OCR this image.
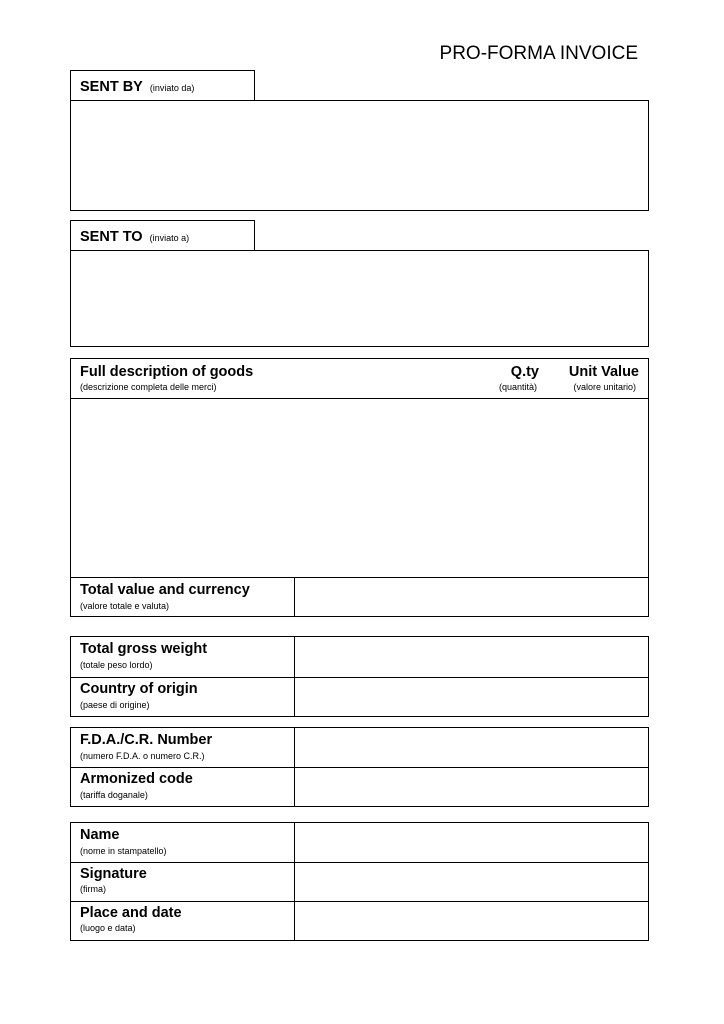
PRO-FORMA INVOICE
SENT BY (inviato da)
SENT TO (inviato a)
Full description of goods
(descrizione completa delle merci)
Q.ty
(quantità)
Unit Value
(valore unitario)
Total value and currency
(valore totale e valuta)
Total gross weight
(totale peso lordo)
Country of origin
(paese di origine)
F.D.A./C.R. Number
(numero F.D.A. o numero C.R.)
Armonized code
(tariffa doganale)
Name
(nome in stampatello)
Signature
(firma)
Place and date
(luogo e data)
